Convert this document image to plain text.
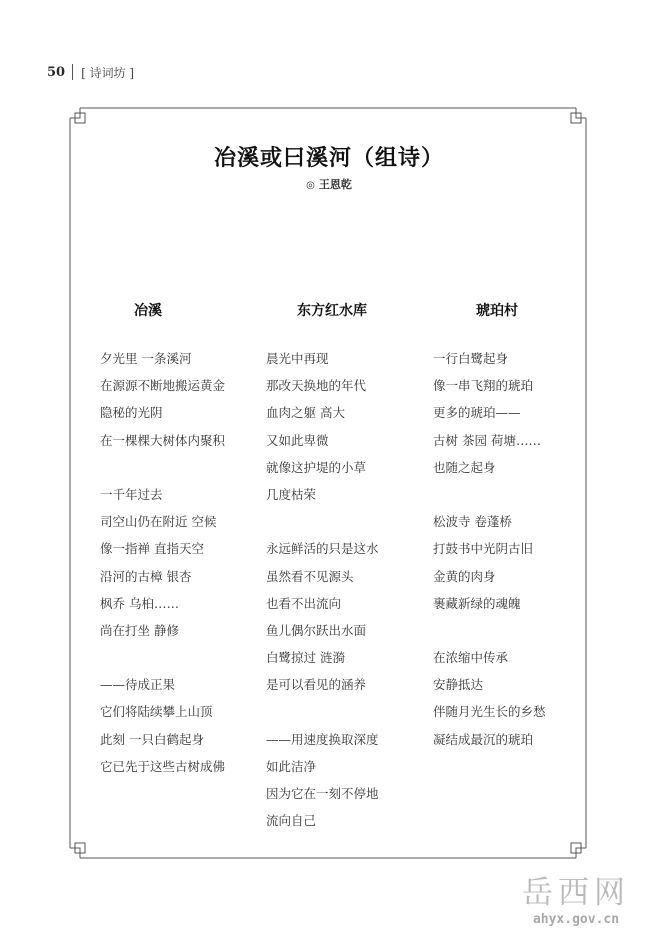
50 [ 诗词坊 ]
冶溪或曰溪河（组诗）
◎ 王恩乾
冶溪
夕光里 一条溪河
在源源不断地搬运黄金
隐秘的光阴
在一棵棵大树体内聚积
一千年过去
司空山仍在附近 空候
像一指禅 直指天空
沿河的古樟 银杏
枫乔 乌桕……
尚在打坐 静修
——待成正果
它们将陆续攀上山顶
此刻 一只白鹤起身
它已先于这些古树成佛
东方红水库
晨光中再现
那改天换地的年代
血肉之躯 高大
又如此卑微
就像这护堤的小草
几度枯荣
永远鲜活的只是这水
虽然看不见源头
也看不出流向
鱼儿偶尔跃出水面
白鹭掠过 涟漪
是可以看见的涵养
——用速度换取深度
如此洁净
因为它在一刻不停地
流向自己
琥珀村
一行白鹭起身
像一串飞翔的琥珀
更多的琥珀——
古树 茶园 荷塘……
也随之起身
松波寺 卷蓬桥
打鼓书中光阴古旧
金黄的肉身
裹藏新绿的魂魄
在浓缩中传承
安静抵达
伴随月光生长的乡愁
凝结成最沉的琥珀
岳西网
ahyx.gov.cn
